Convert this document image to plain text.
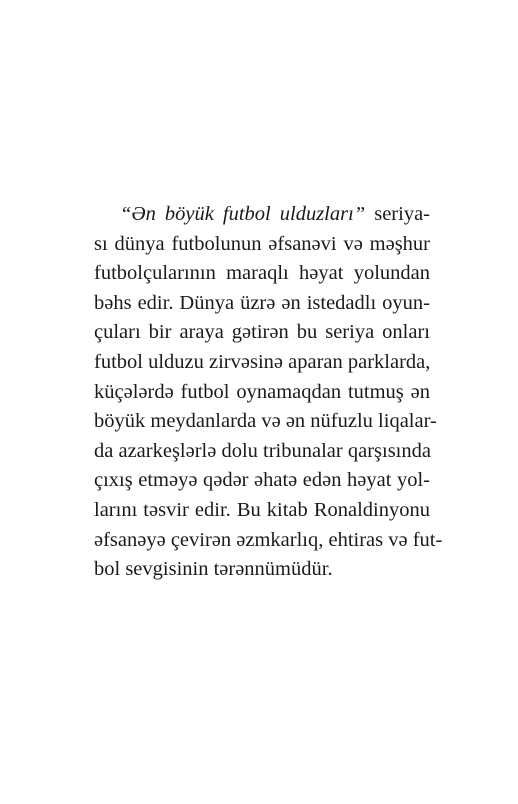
“Ən böyük futbol ulduzları” seriya-
sı dünya futbolunun əfsanəvi və məşhur
futbolçularının maraqlı həyat yolundan
bəhs edir. Dünya üzrə ən istedadlı oyun-
çuları bir araya gətirən bu seriya onları
futbol ulduzu zirvəsinə aparan parklarda,
küçələrdə futbol oynamaqdan tutmuş ən
böyük meydanlarda və ən nüfuzlu liqalar-
da azarkeşlərlə dolu tribunalar qarşısında
çıxış etməyə qədər əhatə edən həyat yol-
larını təsvir edir. Bu kitab Ronaldinyonu
əfsanəyə çevirən əzmkarlıq, ehtiras və fut-
bol sevgisinin tərənnümüdür.
